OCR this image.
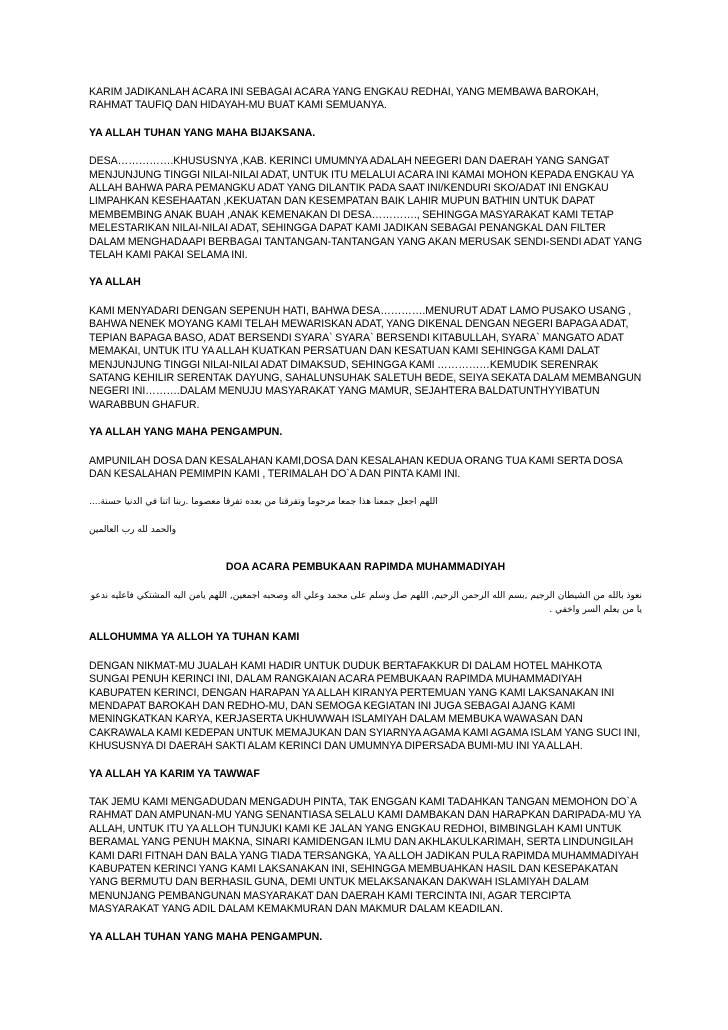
KARIM JADIKANLAH ACARA INI SEBAGAI ACARA YANG ENGKAU REDHAI, YANG MEMBAWA BAROKAH, RAHMAT TAUFIQ DAN HIDAYAH-MU BUAT KAMI SEMUANYA.

YA ALLAH TUHAN YANG MAHA BIJAKSANA.

DESA…………….KHUSUSNYA ,KAB. KERINCI UMUMNYA ADALAH NEEGERI DAN DAERAH YANG SANGAT MENJUNJUNG TINGGI NILAI-NILAI ADAT, UNTUK ITU MELALUI ACARA INI KAMAI MOHON KEPADA ENGKAU YA ALLAH BAHWA PARA PEMANGKU ADAT YANG DILANTIK PADA SAAT INI/KENDURI SKO/ADAT INI ENGKAU LIMPAHKAN KESEHAATAN ,KEKUATAN DAN KESEMPATAN BAIK LAHIR MUPUN BATHIN UNTUK DAPAT MEMBEMBING ANAK BUAH ,ANAK KEMENAKAN DI DESA…………., SEHINGGA MASYARAKAT KAMI TETAP MELESTARIKAN NILAI-NILAI ADAT, SEHINGGA DAPAT KAMI JADIKAN SEBAGAI PENANGKAL DAN FILTER DALAM MENGHADAAPI BERBAGAI TANTANGAN-TANTANGAN YANG AKAN MERUSAK SENDI-SENDI ADAT YANG TELAH KAMI PAKAI SELAMA INI.

YA ALLAH

KAMI MENYADARI DENGAN SEPENUH HATI, BAHWA DESA………….MENURUT ADAT LAMO PUSAKO USANG , BAHWA NENEK MOYANG KAMI TELAH MEWARISKAN ADAT, YANG DIKENAL DENGAN NEGERI BAPAGA ADAT, TEPIAN BAPAGA BASO, ADAT BERSENDI SYARA` SYARA` BERSENDI KITABULLAH, SYARA` MANGATO ADAT MEMAKAI, UNTUK ITU YA ALLAH KUATKAN PERSATUAN DAN KESATUAN KAMI SEHINGGA KAMI DALAT MENJUNJUNG TINGGI NILAI-NILAI ADAT DIMAKSUD, SEHINGGA KAMI ……………KEMUDIK SERENRAK SATANG KEHILIR SERENTAK DAYUNG, SAHALUNSUHAK SALETUH BEDE, SEIYA SEKATA DALAM MEMBANGUN NEGERI INI……….DALAM MENUJU MASYARAKAT YANG MAMUR, SEJAHTERA BALDATUNTHYYIBATUN WARABBUN GHAFUR.

YA ALLAH YANG MAHA PENGAMPUN.

AMPUNILAH DOSA DAN KESALAHAN KAMI,DOSA DAN KESALAHAN KEDUA ORANG TUA KAMI SERTA DOSA DAN KESALAHAN PEMIMPIN KAMI , TERIMALAH DO`A DAN PINTA KAMI INI.

اللهم اجعل جمعنا هذا جمعا مرحوما وتفرقنا من بعده تفرقا معصوما .ربنا اتنا في الدنيا حسنة....

والحمد لله رب العالمين

DOA ACARA PEMBUKAAN RAPIMDA MUHAMMADIYAH

نعوذ بالله من الشيطان الرجيم ,بسم الله الرحمن الرحيم, اللهم صل وسلم على محمد وعلي اله وصحبه اجمعين, اللهم يامن اليه المشتكي فاعليه ندعو يا من يعلم السر واخفي .

ALLOHUMMA YA ALLOH YA TUHAN KAMI

DENGAN NIKMAT-MU JUALAH KAMI HADIR UNTUK DUDUK BERTAFAKKUR DI DALAM HOTEL MAHKOTA SUNGAI PENUH KERINCI INI, DALAM RANGKAIAN ACARA PEMBUKAAN RAPIMDA MUHAMMADIYAH KABUPATEN KERINCI, DENGAN HARAPAN YA ALLAH KIRANYA PERTEMUAN YANG KAMI LAKSANAKAN INI MENDAPAT BAROKAH DAN REDHO-MU, DAN SEMOGA KEGIATAN INI JUGA SEBAGAI AJANG KAMI MENINGKATKAN KARYA, KERJASERTA UKHUWWAH ISLAMIYAH DALAM MEMBUKA WAWASAN DAN CAKRAWALA KAMI KEDEPAN UNTUK MEMAJUKAN DAN SYIARNYA AGAMA KAMI AGAMA ISLAM YANG SUCI INI, KHUSUSNYA DI DAERAH SAKTI ALAM KERINCI DAN UMUMNYA DIPERSADA BUMI-MU INI YA ALLAH.

YA ALLAH YA KARIM YA TAWWAF

TAK JEMU KAMI MENGADUDAN MENGADUH PINTA, TAK ENGGAN KAMI TADAHKAN TANGAN MEMOHON DO`A RAHMAT DAN AMPUNAN-MU YANG SENANTIASA SELALU KAMI DAMBAKAN DAN HARAPKAN DARIPADA-MU YA ALLAH, UNTUK ITU YA ALLOH TUNJUKI KAMI KE JALAN YANG ENGKAU REDHOI, BIMBINGLAH KAMI UNTUK BERAMAL YANG PENUH MAKNA, SINARI KAMIDENGAN ILMU DAN AKHLAKULKARIMAH, SERTA LINDUNGILAH KAMI DARI FITNAH DAN BALA YANG TIADA TERSANGKA, YA ALLOH JADIKAN PULA RAPIMDA MUHAMMADIYAH KABUPATEN KERINCI YANG KAMI LAKSANAKAN INI, SEHINGGA MEMBUAHKAN HASIL DAN KESEPAKATAN YANG BERMUTU DAN BERHASIL GUNA, DEMI UNTUK MELAKSANAKAN DAKWAH ISLAMIYAH DALAM MENUNJANG PEMBANGUNAN MASYARAKAT DAN DAERAH KAMI TERCINTA INI, AGAR TERCIPTA MASYARAKAT YANG ADIL DALAM KEMAKMURAN DAN MAKMUR DALAM KEADILAN.

YA ALLAH TUHAN YANG MAHA PENGAMPUN.
